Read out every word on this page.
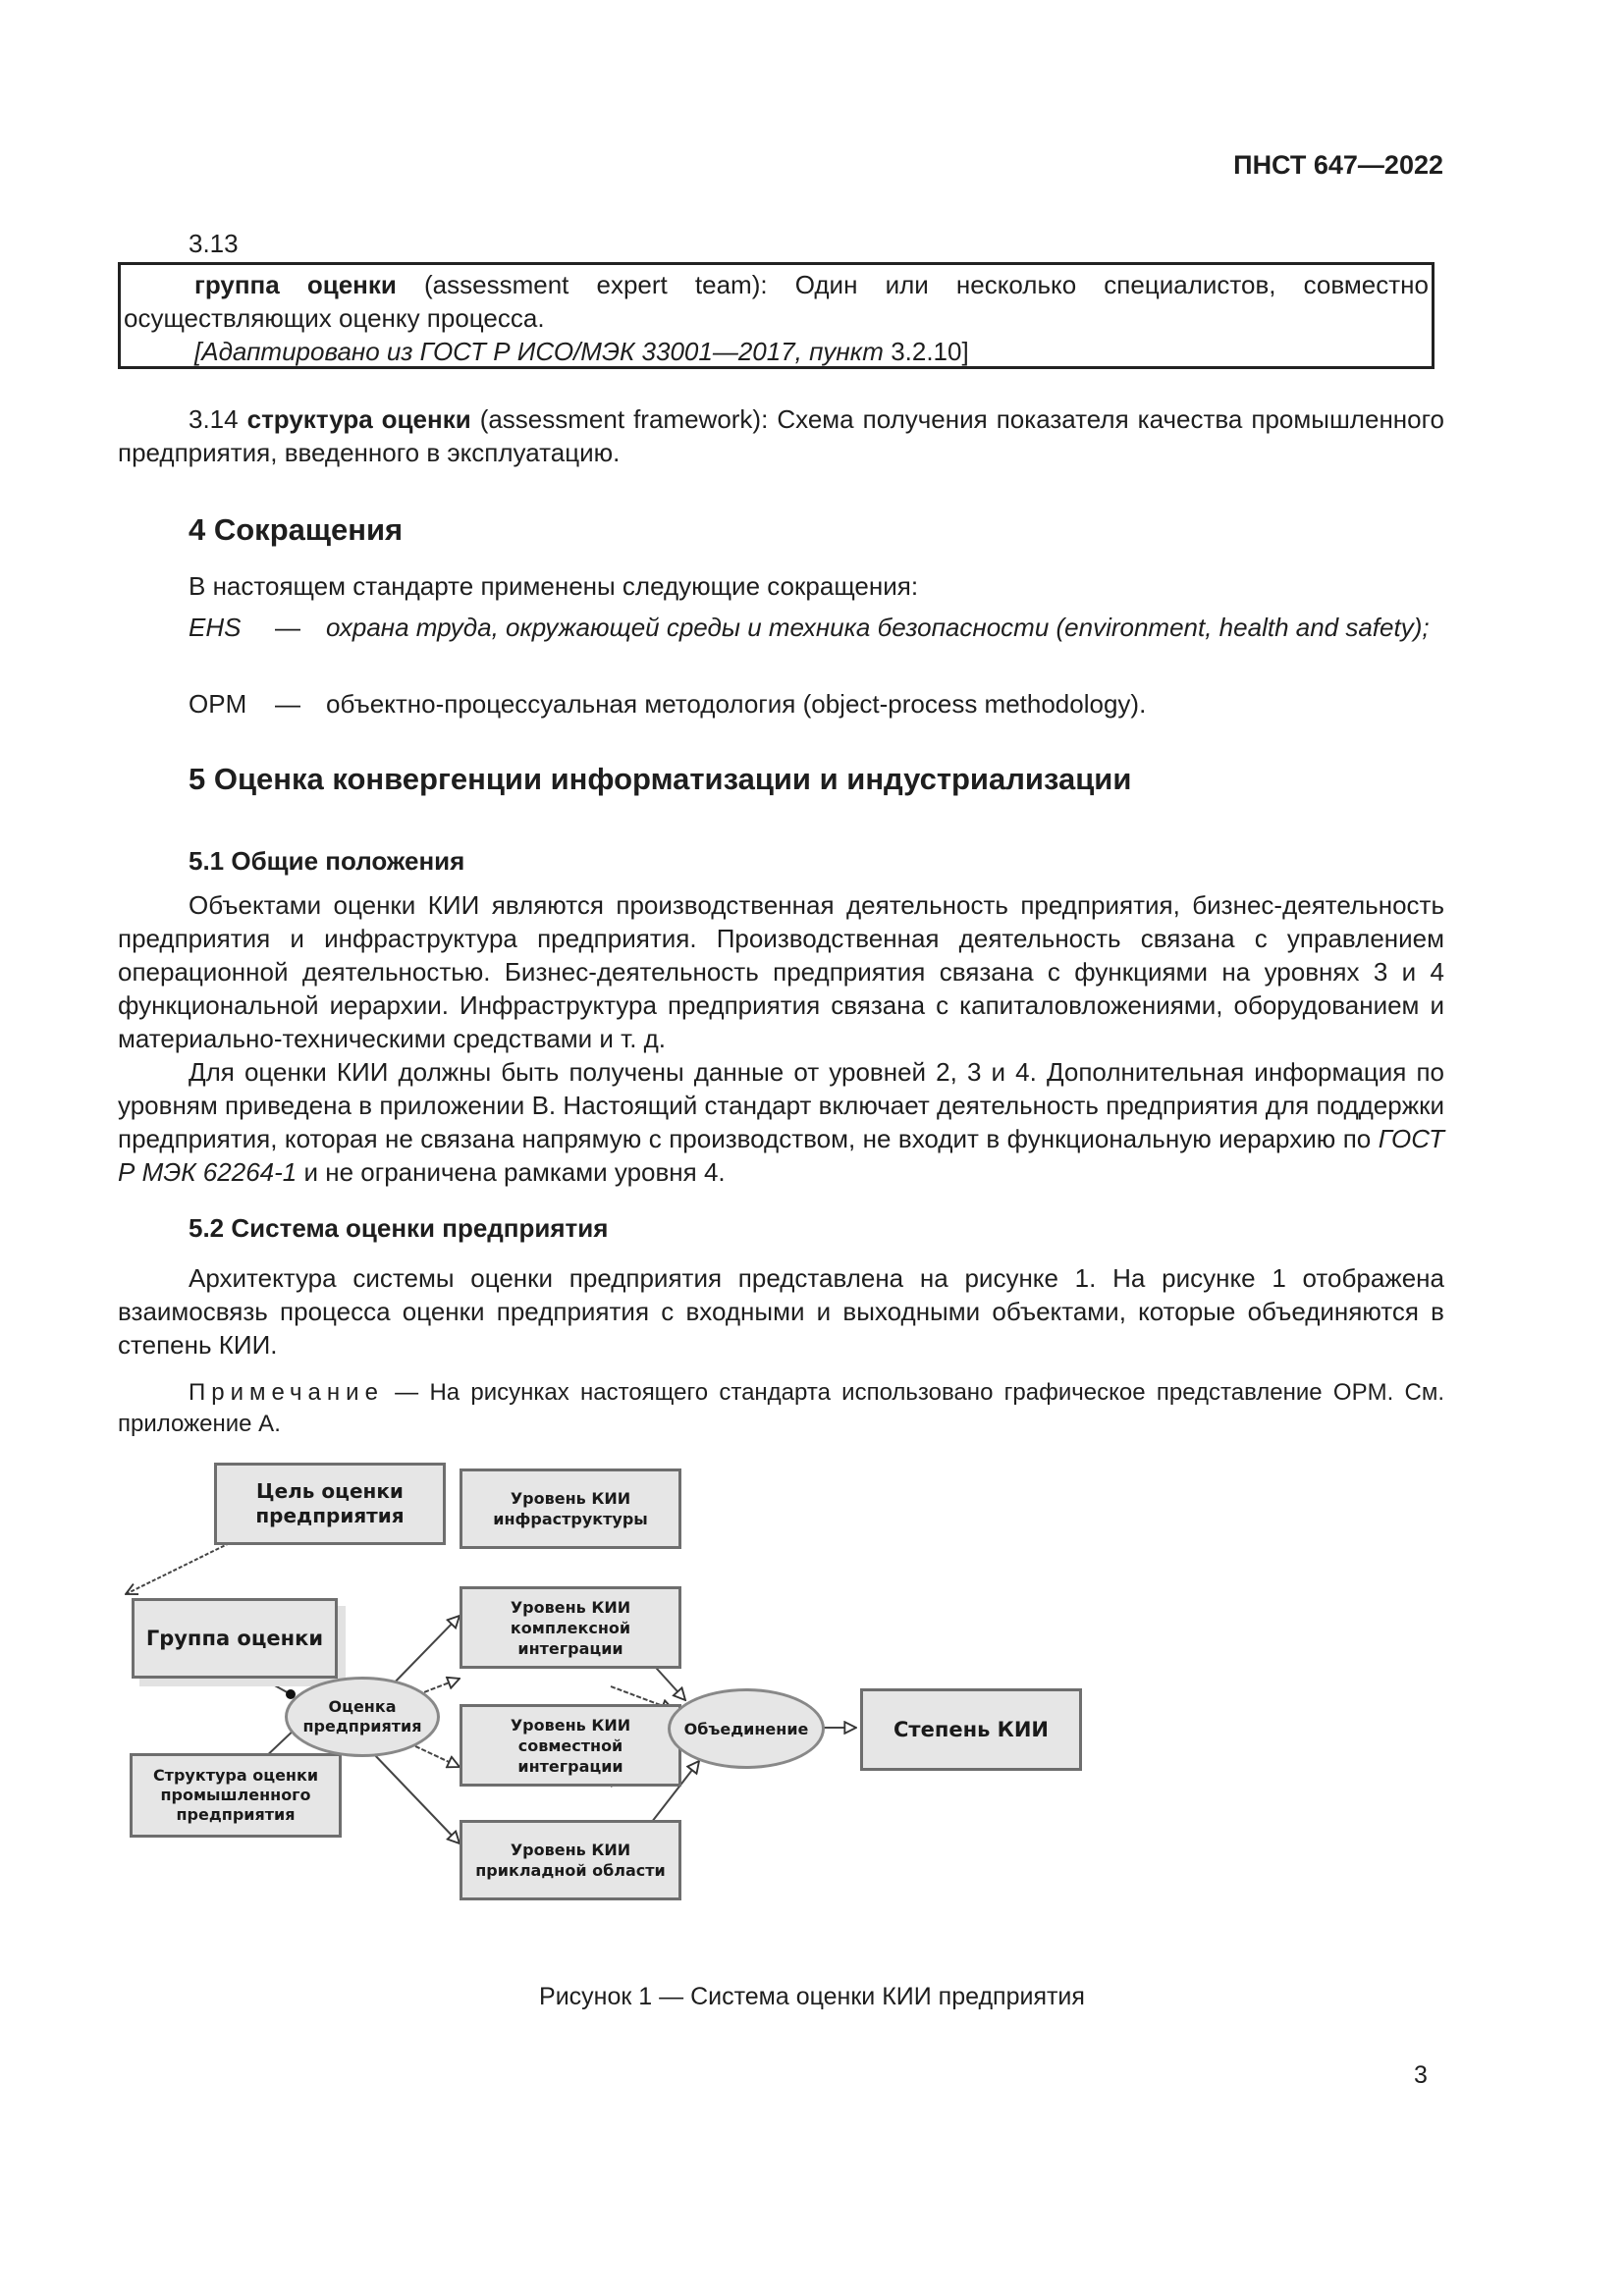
ПНСТ 647—2022
3.13

группа оценки (assessment expert team): Один или несколько специалистов, совместно осуществляющих оценку процесса.

[Адаптировано из ГОСТ Р ИСО/МЭК 33001—2017, пункт 3.2.10]

3.14 структура оценки (assessment framework): Схема получения показателя качества промышленного предприятия, введенного в эксплуатацию.

4 Сокращения
В настоящем стандарте применены следующие сокращения:
EHS — охрана труда, окружающей среды и техника безопасности (environment, health and safety);
OPM — объектно-процессуальная методология (object-process methodology).
5 Оценка конвергенции информатизации и индустриализации
5.1 Общие положения

Объектами оценки КИИ являются производственная деятельность предприятия, бизнес-деятельность предприятия и инфраструктура предприятия. Производственная деятельность связана с управлением операционной деятельностью. Бизнес-деятельность предприятия связана с функциями на уровнях 3 и 4 функциональной иерархии. Инфраструктура предприятия связана с капиталовложениями, оборудованием и материально-техническими средствами и т. д.

Для оценки КИИ должны быть получены данные от уровней 2, 3 и 4. Дополнительная информация по уровням приведена в приложении В. Настоящий стандарт включает деятельность предприятия для поддержки предприятия, которая не связана напрямую с производством, не входит в функциональную иерархию по ГОСТ Р МЭК 62264-1 и не ограничена рамками уровня 4.

5.2 Система оценки предприятия

Архитектура системы оценки предприятия представлена на рисунке 1. На рисунке 1 отображена взаимосвязь процесса оценки предприятия с входными и выходными объектами, которые объединяются в степень КИИ.

Примечание — На рисунках настоящего стандарта использовано графическое представление OPM. См. приложение А.

Цель оценки предприятия
Группа оценки
Структура оценки промышленного предприятия
Оценка предприятия
Уровень КИИ инфраструктуры
Уровень КИИ комплексной интеграции
Уровень КИИ совместной интеграции
Уровень КИИ прикладной области
Объединение	Степень КИИ
Рисунок 1 — Система оценки КИИ предприятия
3
